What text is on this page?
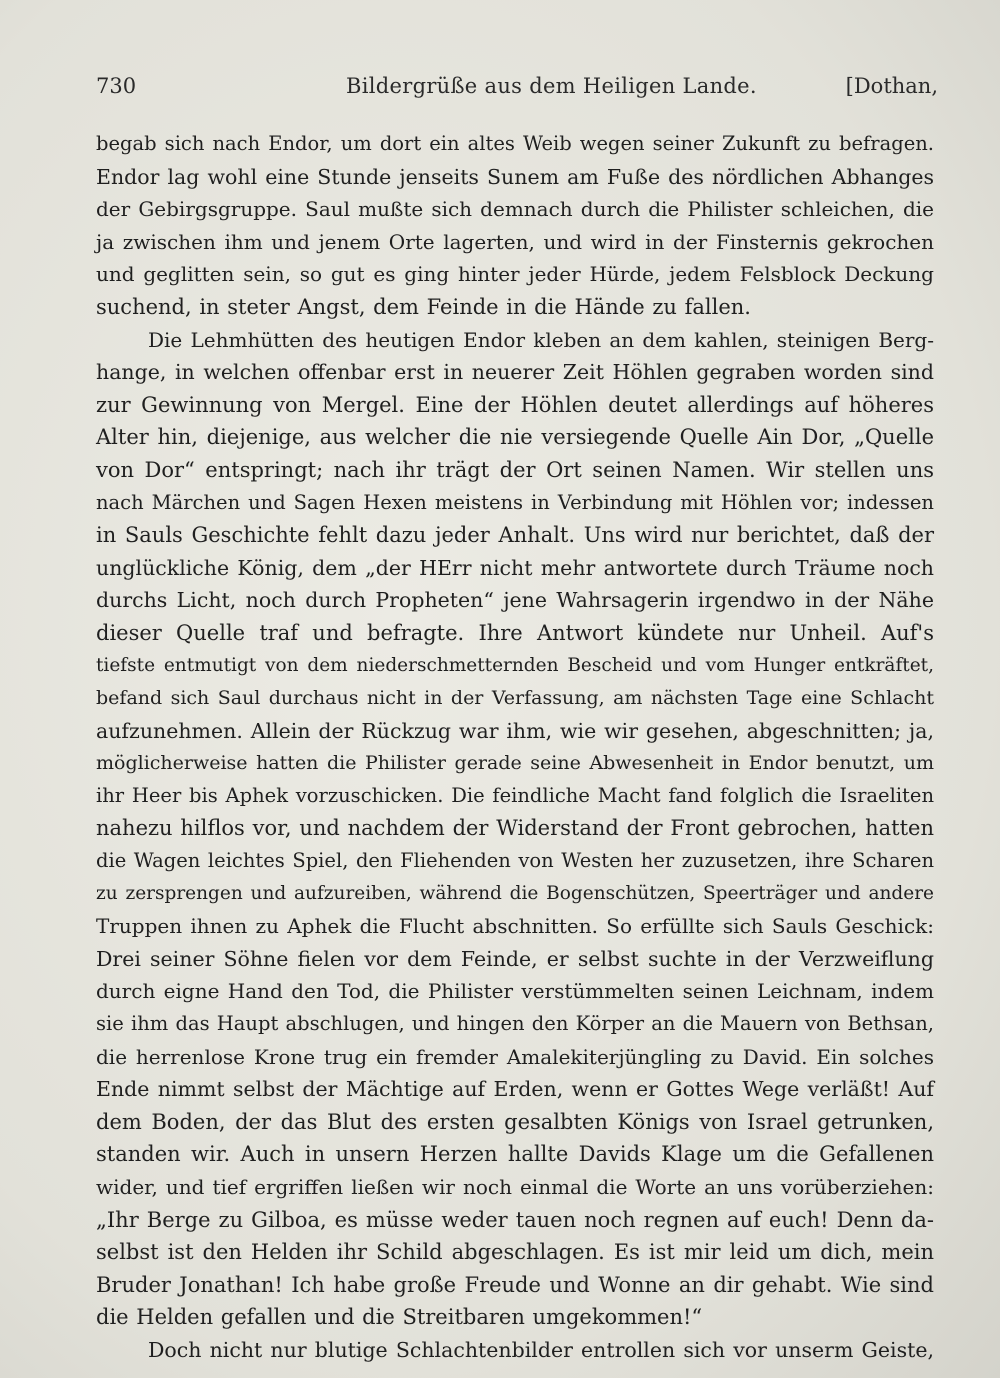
730	Bildergrüße aus dem Heiligen Lande.	[Dothan,
begab sich nach Endor, um dort ein altes Weib wegen seiner Zukunft zu befragen.
Endor lag wohl eine Stunde jenseits Sunem am Fuße des nördlichen Abhanges
der Gebirgsgruppe. Saul mußte sich demnach durch die Philister schleichen, die
ja zwischen ihm und jenem Orte lagerten, und wird in der Finsternis gekrochen
und geglitten sein, so gut es ging hinter jeder Hürde, jedem Felsblock Deckung
suchend, in steter Angst, dem Feinde in die Hände zu fallen.
Die Lehmhütten des heutigen Endor kleben an dem kahlen, steinigen Berg-
hange, in welchen offenbar erst in neuerer Zeit Höhlen gegraben worden sind
zur Gewinnung von Mergel. Eine der Höhlen deutet allerdings auf höheres
Alter hin, diejenige, aus welcher die nie versiegende Quelle Ain Dor, „Quelle
von Dor“ entspringt; nach ihr trägt der Ort seinen Namen. Wir stellen uns
nach Märchen und Sagen Hexen meistens in Verbindung mit Höhlen vor; indessen
in Sauls Geschichte fehlt dazu jeder Anhalt. Uns wird nur berichtet, daß der
unglückliche König, dem „der HErr nicht mehr antwortete durch Träume noch
durchs Licht, noch durch Propheten“ jene Wahrsagerin irgendwo in der Nähe
dieser Quelle traf und befragte. Ihre Antwort kündete nur Unheil. Auf's
tiefste entmutigt von dem niederschmetternden Bescheid und vom Hunger entkräftet,
befand sich Saul durchaus nicht in der Verfassung, am nächsten Tage eine Schlacht
aufzunehmen. Allein der Rückzug war ihm, wie wir gesehen, abgeschnitten; ja,
möglicherweise hatten die Philister gerade seine Abwesenheit in Endor benutzt, um
ihr Heer bis Aphek vorzuschicken. Die feindliche Macht fand folglich die Israeliten
nahezu hilflos vor, und nachdem der Widerstand der Front gebrochen, hatten
die Wagen leichtes Spiel, den Fliehenden von Westen her zuzusetzen, ihre Scharen
zu zersprengen und aufzureiben, während die Bogenschützen, Speerträger und andere
Truppen ihnen zu Aphek die Flucht abschnitten. So erfüllte sich Sauls Geschick:
Drei seiner Söhne fielen vor dem Feinde, er selbst suchte in der Verzweiflung
durch eigne Hand den Tod, die Philister verstümmelten seinen Leichnam, indem
sie ihm das Haupt abschlugen, und hingen den Körper an die Mauern von Bethsan,
die herrenlose Krone trug ein fremder Amalekiterjüngling zu David. Ein solches
Ende nimmt selbst der Mächtige auf Erden, wenn er Gottes Wege verläßt! Auf
dem Boden, der das Blut des ersten gesalbten Königs von Israel getrunken,
standen wir. Auch in unsern Herzen hallte Davids Klage um die Gefallenen
wider, und tief ergriffen ließen wir noch einmal die Worte an uns vorüberziehen:
„Ihr Berge zu Gilboa, es müsse weder tauen noch regnen auf euch! Denn da-
selbst ist den Helden ihr Schild abgeschlagen. Es ist mir leid um dich, mein
Bruder Jonathan! Ich habe große Freude und Wonne an dir gehabt. Wie sind
die Helden gefallen und die Streitbaren umgekommen!“
Doch nicht nur blutige Schlachtenbilder entrollen sich vor unserm Geiste,
